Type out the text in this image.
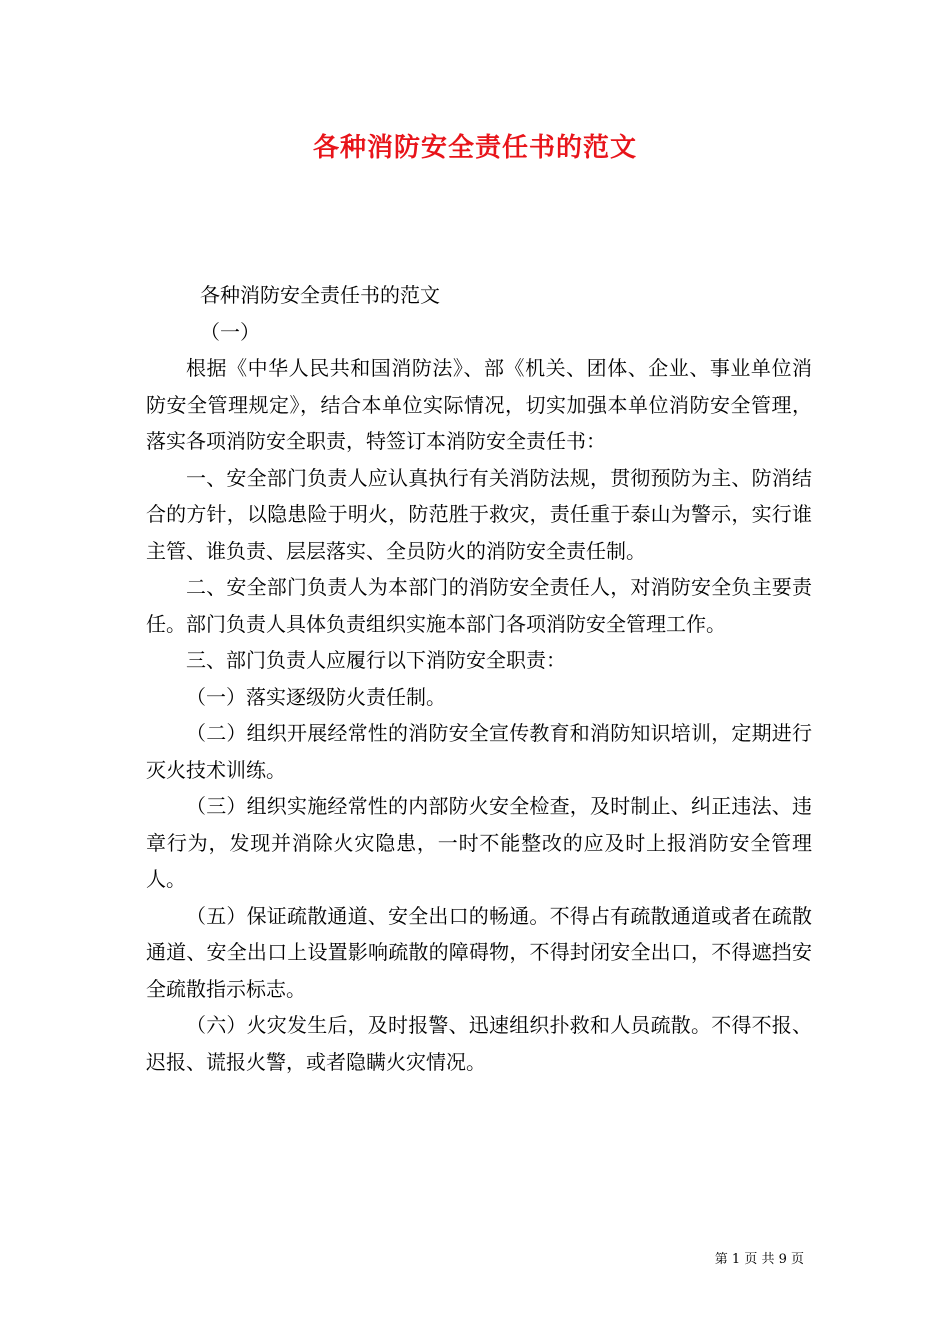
各种消防安全责任书的范文

各种消防安全责任书的范文

（一）

根据《中华人民共和国消防法》、部《机关、团体、企业、事业单位消防安全管理规定》，结合本单位实际情况，切实加强本单位消防安全管理，落实各项消防安全职责，特签订本消防安全责任书：

一、安全部门负责人应认真执行有关消防法规，贯彻预防为主、防消结合的方针，以隐患险于明火，防范胜于救灾，责任重于泰山为警示，实行谁主管、谁负责、层层落实、全员防火的消防安全责任制。

二、安全部门负责人为本部门的消防安全责任人，对消防安全负主要责任。部门负责人具体负责组织实施本部门各项消防安全管理工作。

三、部门负责人应履行以下消防安全职责：

（一）落实逐级防火责任制。

（二）组织开展经常性的消防安全宣传教育和消防知识培训，定期进行灭火技术训练。

（三）组织实施经常性的内部防火安全检查，及时制止、纠正违法、违章行为，发现并消除火灾隐患，一时不能整改的应及时上报消防安全管理人。

（五）保证疏散通道、安全出口的畅通。不得占有疏散通道或者在疏散通道、安全出口上设置影响疏散的障碍物，不得封闭安全出口，不得遮挡安全疏散指示标志。

（六）火灾发生后，及时报警、迅速组织扑救和人员疏散。不得不报、迟报、谎报火警，或者隐瞒火灾情况。

第 1 页 共 9 页
